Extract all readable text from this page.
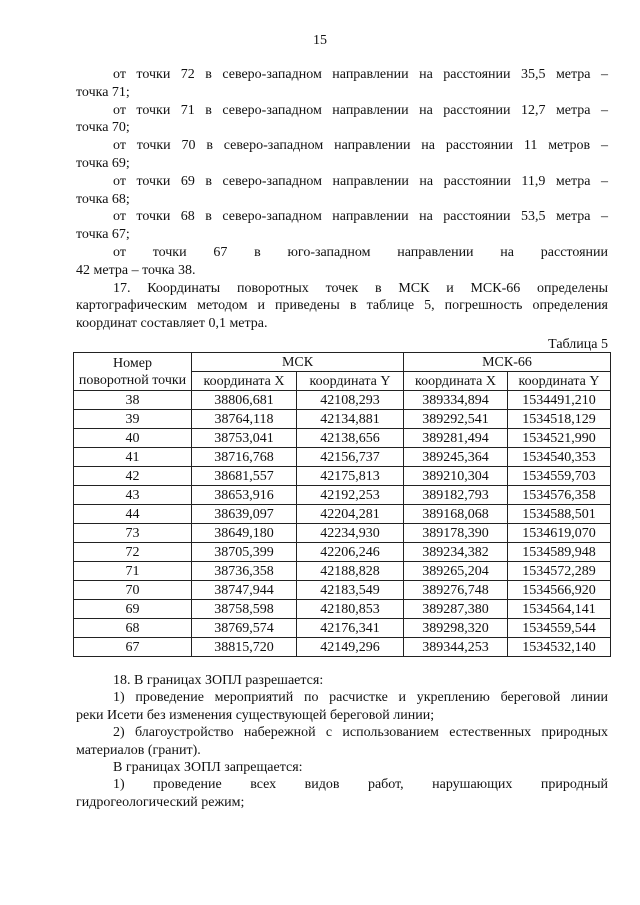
15
от точки 72 в северо-западном направлении на расстоянии 35,5 метра –
точка 71;
от точки 71 в северо-западном направлении на расстоянии 12,7 метра –
точка 70;
от точки 70 в северо-западном направлении на расстоянии 11 метров –
точка 69;
от точки 69 в северо-западном направлении на расстоянии 11,9 метра –
точка 68;
от точки 68 в северо-западном направлении на расстоянии 53,5 метра –
точка 67;
от точки 67 в юго-западном направлении на расстоянии
42 метра – точка 38.
17. Координаты поворотных точек в МСК и МСК-66 определены
картографическим методом и приведены в таблице 5, погрешность определения
координат составляет 0,1 метра.
Таблица 5
Номер поворотной точки	МСК		МСК-66	
	координата X	координата Y	координата X	координата Y
38	38806,681	42108,293	389334,894	1534491,210
39	38764,118	42134,881	389292,541	1534518,129
40	38753,041	42138,656	389281,494	1534521,990
41	38716,768	42156,737	389245,364	1534540,353
42	38681,557	42175,813	389210,304	1534559,703
43	38653,916	42192,253	389182,793	1534576,358
44	38639,097	42204,281	389168,068	1534588,501
73	38649,180	42234,930	389178,390	1534619,070
72	38705,399	42206,246	389234,382	1534589,948
71	38736,358	42188,828	389265,204	1534572,289
70	38747,944	42183,549	389276,748	1534566,920
69	38758,598	42180,853	389287,380	1534564,141
68	38769,574	42176,341	389298,320	1534559,544
67	38815,720	42149,296	389344,253	1534532,140
18. В границах ЗОПЛ разрешается:
1) проведение мероприятий по расчистке и укреплению береговой линии
реки Исети без изменения существующей береговой линии;
2) благоустройство набережной с использованием естественных природных
материалов (гранит).
В границах ЗОПЛ запрещается:
1) проведение всех видов работ, нарушающих природный
гидрогеологический режим;
